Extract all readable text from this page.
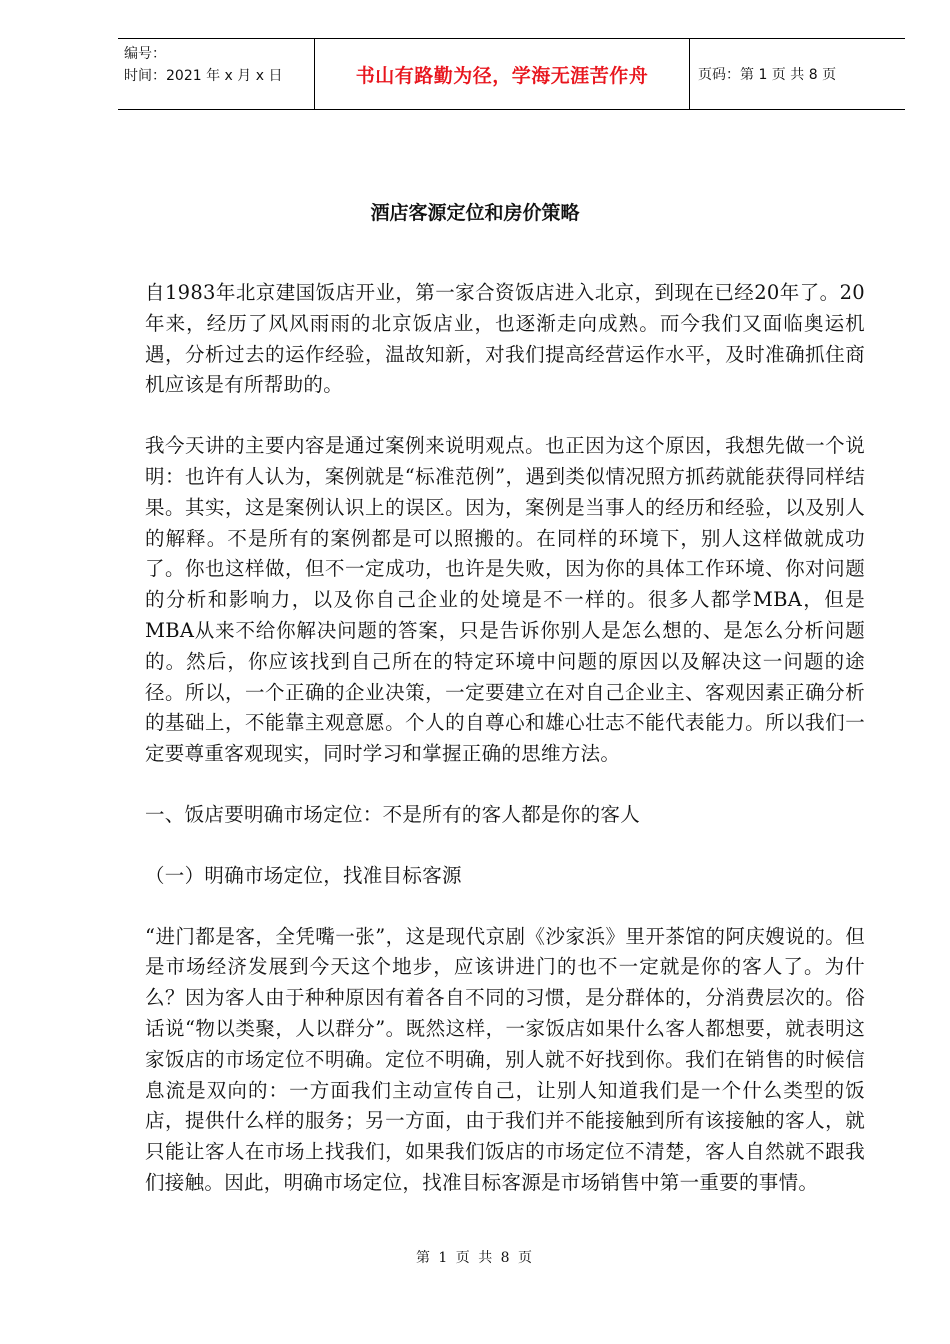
编号：
时间：2021 年 x 月 x 日	书山有路勤为径，学海无涯苦作舟	页码：第 1 页 共 8 页
酒店客源定位和房价策略

自1983年北京建国饭店开业，第一家合资饭店进入北京，到现在已经20年了。20年来，经历了风风雨雨的北京饭店业，也逐渐走向成熟。而今我们又面临奥运机遇，分析过去的运作经验，温故知新，对我们提高经营运作水平，及时准确抓住商机应该是有所帮助的。

我今天讲的主要内容是通过案例来说明观点。也正因为这个原因，我想先做一个说明：也许有人认为，案例就是“标准范例”，遇到类似情况照方抓药就能获得同样结果。其实，这是案例认识上的误区。因为，案例是当事人的经历和经验，以及别人的解释。不是所有的案例都是可以照搬的。在同样的环境下，别人这样做就成功了。你也这样做，但不一定成功，也许是失败，因为你的具体工作环境、你对问题的分析和影响力，以及你自己企业的处境是不一样的。很多人都学MBA，但是MBA从来不给你解决问题的答案，只是告诉你别人是怎么想的、是怎么分析问题的。然后，你应该找到自己所在的特定环境中问题的原因以及解决这一问题的途径。所以，一个正确的企业决策，一定要建立在对自己企业主、客观因素正确分析的基础上，不能靠主观意愿。个人的自尊心和雄心壮志不能代表能力。所以我们一定要尊重客观现实，同时学习和掌握正确的思维方法。

一、饭店要明确市场定位：不是所有的客人都是你的客人

（一）明确市场定位，找准目标客源

“进门都是客，全凭嘴一张”，这是现代京剧《沙家浜》里开茶馆的阿庆嫂说的。但是市场经济发展到今天这个地步，应该讲进门的也不一定就是你的客人了。为什么？因为客人由于种种原因有着各自不同的习惯，是分群体的，分消费层次的。俗话说“物以类聚，人以群分”。既然这样，一家饭店如果什么客人都想要，就表明这家饭店的市场定位不明确。定位不明确，别人就不好找到你。我们在销售的时候信息流是双向的：一方面我们主动宣传自己，让别人知道我们是一个什么类型的饭店，提供什么样的服务；另一方面，由于我们并不能接触到所有该接触的客人，就只能让客人在市场上找我们，如果我们饭店的市场定位不清楚，客人自然就不跟我们接触。因此，明确市场定位，找准目标客源是市场销售中第一重要的事情。

第 1 页 共 8 页
